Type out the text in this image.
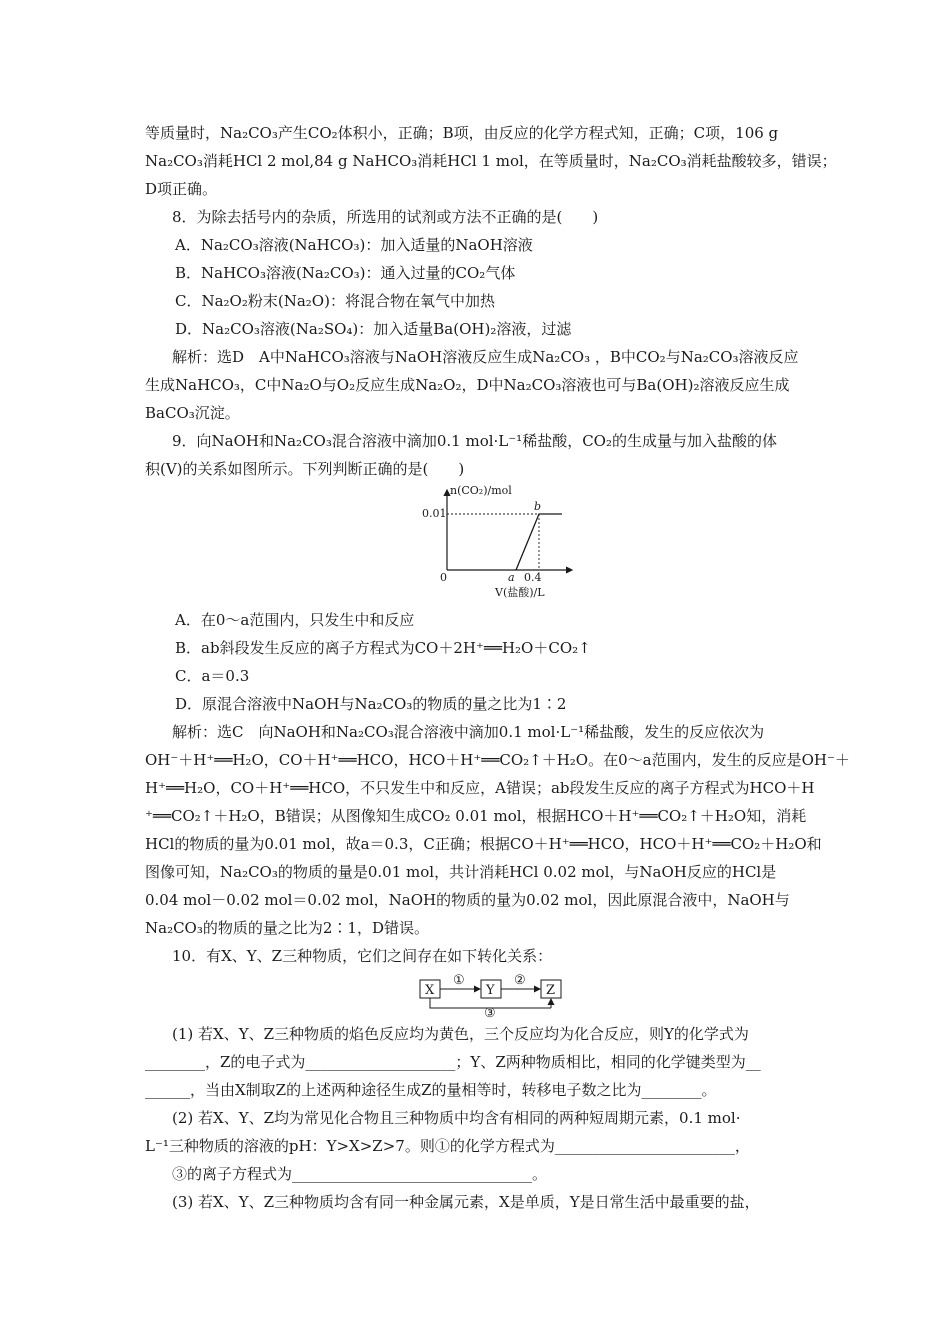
等质量时，Na₂CO₃产生CO₂体积小，正确；B项，由反应的化学方程式知，正确；C项，106 g
Na₂CO₃消耗HCl 2 mol,84 g NaHCO₃消耗HCl 1 mol，在等质量时，Na₂CO₃消耗盐酸较多，错误；
D项正确。
8．为除去括号内的杂质，所选用的试剂或方法不正确的是(　　)
A．Na₂CO₃溶液(NaHCO₃)：加入适量的NaOH溶液
B．NaHCO₃溶液(Na₂CO₃)：通入过量的CO₂气体
C．Na₂O₂粉末(Na₂O)：将混合物在氧气中加热
D．Na₂CO₃溶液(Na₂SO₄)：加入适量Ba(OH)₂溶液，过滤
解析：选D　A中NaHCO₃溶液与NaOH溶液反应生成Na₂CO₃ ，B中CO₂与Na₂CO₃溶液反应
生成NaHCO₃，C中Na₂O与O₂反应生成Na₂O₂，D中Na₂CO₃溶液也可与Ba(OH)₂溶液反应生成
BaCO₃沉淀。
9．向NaOH和Na₂CO₃混合溶液中滴加0.1 mol·L⁻¹稀盐酸，CO₂的生成量与加入盐酸的体
积(V)的关系如图所示。下列判断正确的是(　　)
n(CO₂)/mol
0.01
0	0.4
a
b
V(盐酸)/L
A．在0～a范围内，只发生中和反应
B．ab斜段发生反应的离子方程式为CO＋2H⁺══H₂O＋CO₂↑
C．a＝0.3
D．原混合溶液中NaOH与Na₂CO₃的物质的量之比为1∶2
解析：选C　向NaOH和Na₂CO₃混合溶液中滴加0.1 mol·L⁻¹稀盐酸，发生的反应依次为
OH⁻＋H⁺══H₂O，CO＋H⁺══HCO，HCO＋H⁺══CO₂↑＋H₂O。在0～a范围内，发生的反应是OH⁻＋
H⁺══H₂O，CO＋H⁺══HCO，不只发生中和反应，A错误；ab段发生反应的离子方程式为HCO＋H
⁺══CO₂↑＋H₂O，B错误；从图像知生成CO₂ 0.01 mol，根据HCO＋H⁺══CO₂↑＋H₂O知，消耗
HCl的物质的量为0.01 mol，故a＝0.3，C正确；根据CO＋H⁺══HCO，HCO＋H⁺══CO₂＋H₂O和
图像可知，Na₂CO₃的物质的量是0.01 mol，共计消耗HCl 0.02 mol，与NaOH反应的HCl是
0.04 mol－0.02 mol＝0.02 mol，NaOH的物质的量为0.02 mol，因此原混合液中，NaOH与
Na₂CO₃的物质的量之比为2∶1，D错误。
10．有X、Y、Z三种物质，它们之间存在如下转化关系：
X	Y	Z
①	②
③
(1) 若X、Y、Z三种物质的焰色反应均为黄色，三个反应均为化合反应，则Y的化学式为
________，Z的电子式为____________________；Y、Z两种物质相比，相同的化学键类型为__
______，当由X制取Z的上述两种途径生成Z的量相等时，转移电子数之比为________。
(2) 若X、Y、Z均为常见化合物且三种物质中均含有相同的两种短周期元素，0.1 mol·
L⁻¹三种物质的溶液的pH：Y>X>Z>7。则①的化学方程式为________________________，
③的离子方程式为________________________________。
(3) 若X、Y、Z三种物质均含有同一种金属元素，X是单质，Y是日常生活中最重要的盐，
